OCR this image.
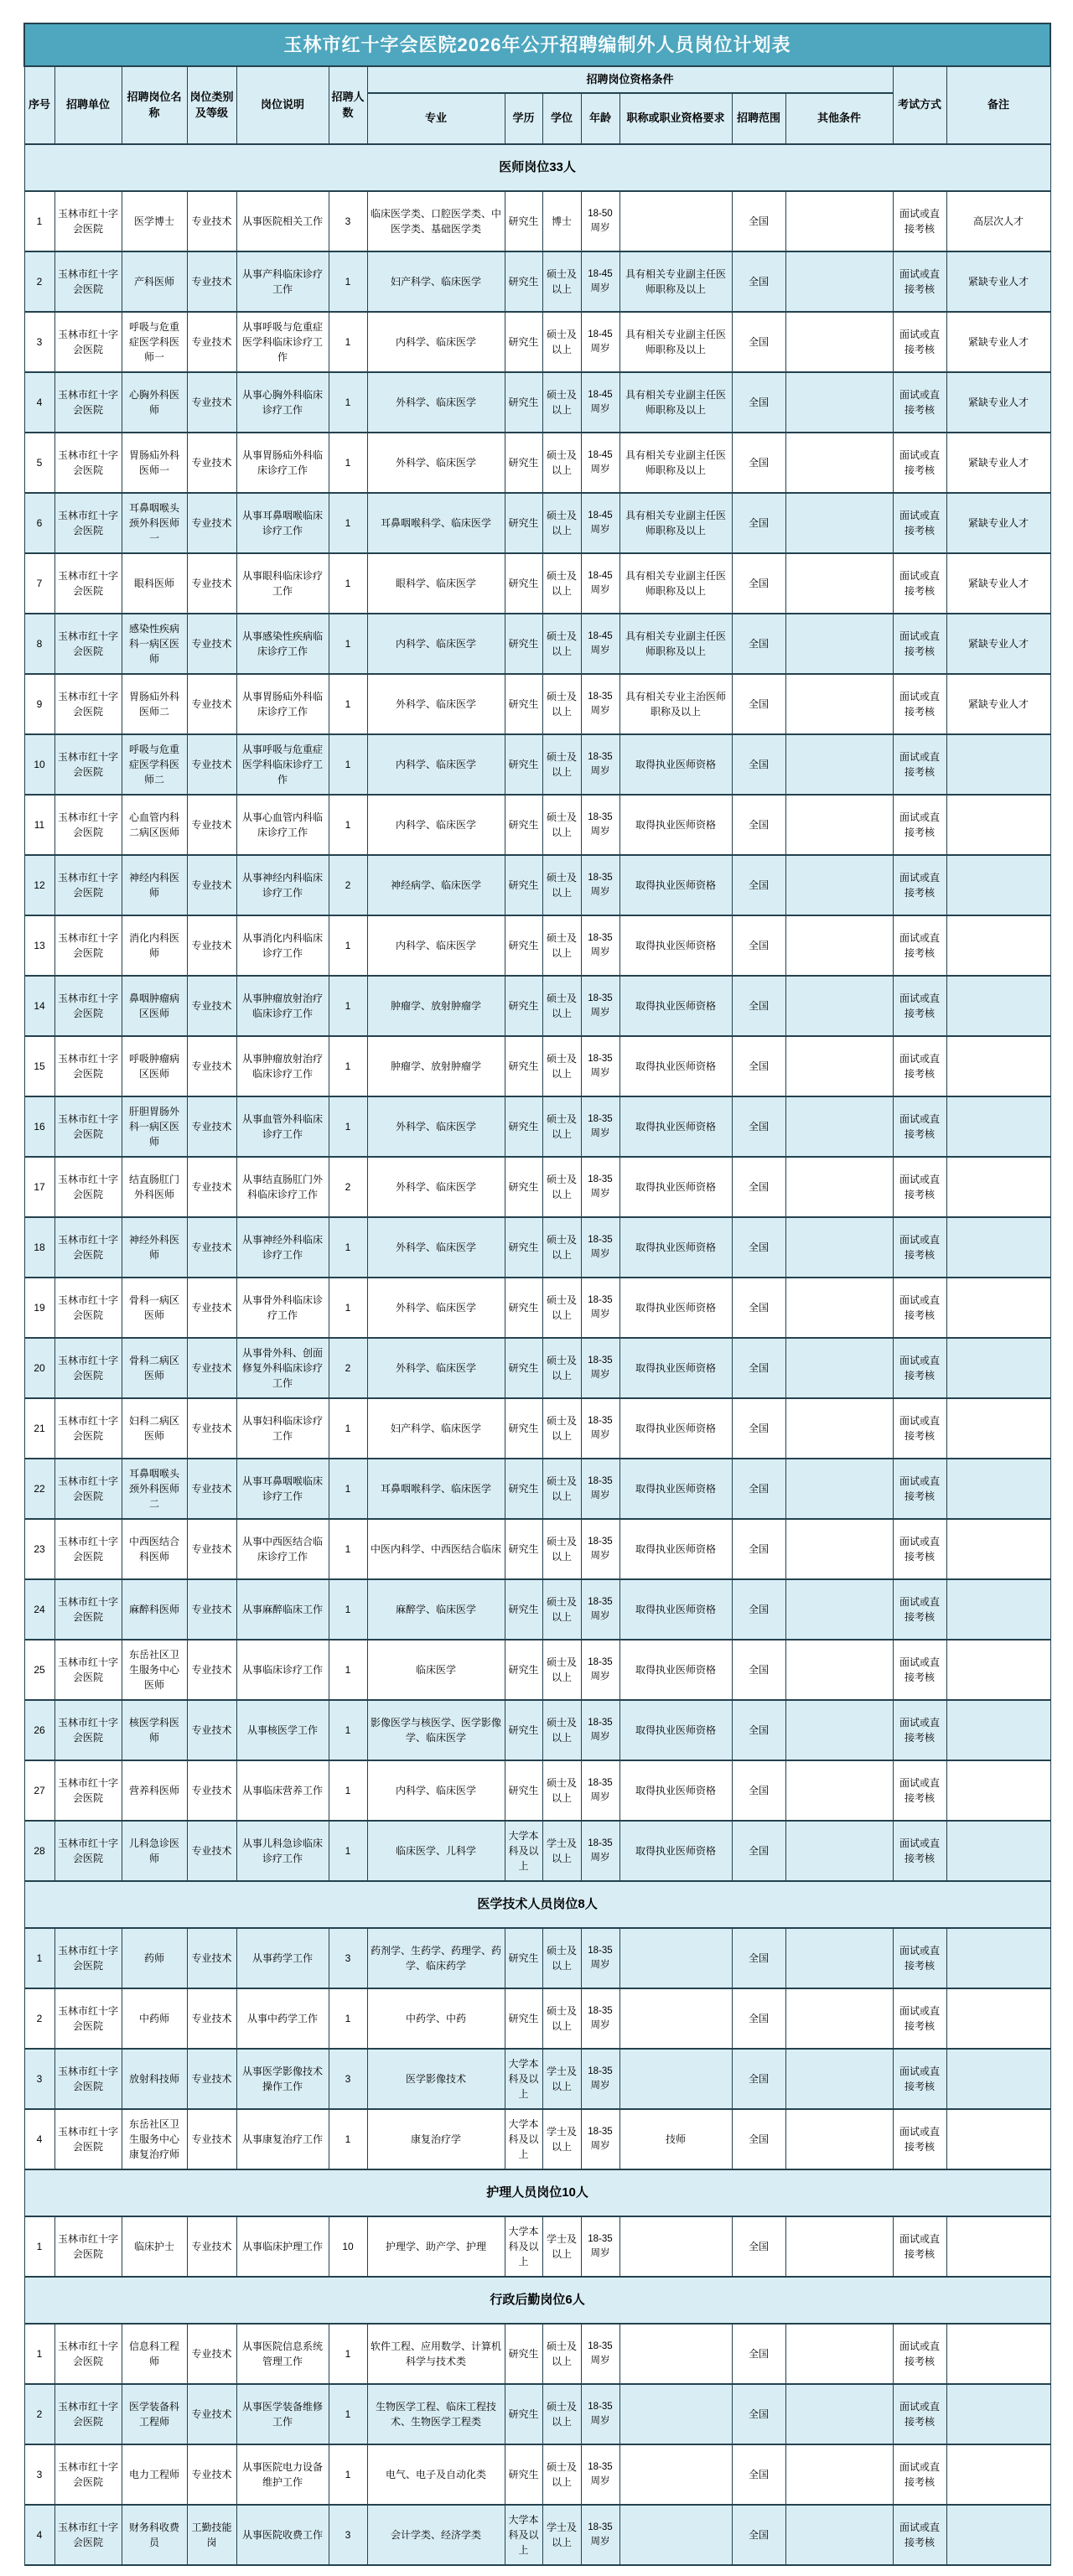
玉林市红十字会医院2026年公开招聘编制外人员岗位计划表														
序号	招聘单位	招聘岗位名称	岗位类别及等级	岗位说明	招聘人数	招聘岗位资格条件							考试方式	备注
						专业	学历	学位	年龄	职称或职业资格要求	招聘范围	其他条件		
医师岗位33人														
1	玉林市红十字会医院	医学博士	专业技术	从事医院相关工作	3	临床医学类、口腔医学类、中医学类、基础医学类	研究生	博士	18-50周岁		全国		面试或直接考核	高层次人才
2	玉林市红十字会医院	产科医师	专业技术	从事产科临床诊疗工作	1	妇产科学、临床医学	研究生	硕士及以上	18-45周岁	具有相关专业副主任医师职称及以上	全国		面试或直接考核	紧缺专业人才
3	玉林市红十字会医院	呼吸与危重症医学科医师一	专业技术	从事呼吸与危重症医学科临床诊疗工作	1	内科学、临床医学	研究生	硕士及以上	18-45周岁	具有相关专业副主任医师职称及以上	全国		面试或直接考核	紧缺专业人才
4	玉林市红十字会医院	心胸外科医师	专业技术	从事心胸外科临床诊疗工作	1	外科学、临床医学	研究生	硕士及以上	18-45周岁	具有相关专业副主任医师职称及以上	全国		面试或直接考核	紧缺专业人才
5	玉林市红十字会医院	胃肠疝外科医师一	专业技术	从事胃肠疝外科临床诊疗工作	1	外科学、临床医学	研究生	硕士及以上	18-45周岁	具有相关专业副主任医师职称及以上	全国		面试或直接考核	紧缺专业人才
6	玉林市红十字会医院	耳鼻咽喉头颈外科医师一	专业技术	从事耳鼻咽喉临床诊疗工作	1	耳鼻咽喉科学、临床医学	研究生	硕士及以上	18-45周岁	具有相关专业副主任医师职称及以上	全国		面试或直接考核	紧缺专业人才
7	玉林市红十字会医院	眼科医师	专业技术	从事眼科临床诊疗工作	1	眼科学、临床医学	研究生	硕士及以上	18-45周岁	具有相关专业副主任医师职称及以上	全国		面试或直接考核	紧缺专业人才
8	玉林市红十字会医院	感染性疾病科一病区医师	专业技术	从事感染性疾病临床诊疗工作	1	内科学、临床医学	研究生	硕士及以上	18-45周岁	具有相关专业副主任医师职称及以上	全国		面试或直接考核	紧缺专业人才
9	玉林市红十字会医院	胃肠疝外科医师二	专业技术	从事胃肠疝外科临床诊疗工作	1	外科学、临床医学	研究生	硕士及以上	18-35周岁	具有相关专业主治医师职称及以上	全国		面试或直接考核	紧缺专业人才
10	玉林市红十字会医院	呼吸与危重症医学科医师二	专业技术	从事呼吸与危重症医学科临床诊疗工作	1	内科学、临床医学	研究生	硕士及以上	18-35周岁	取得执业医师资格	全国		面试或直接考核	
11	玉林市红十字会医院	心血管内科二病区医师	专业技术	从事心血管内科临床诊疗工作	1	内科学、临床医学	研究生	硕士及以上	18-35周岁	取得执业医师资格	全国		面试或直接考核	
12	玉林市红十字会医院	神经内科医师	专业技术	从事神经内科临床诊疗工作	2	神经病学、临床医学	研究生	硕士及以上	18-35周岁	取得执业医师资格	全国		面试或直接考核	
13	玉林市红十字会医院	消化内科医师	专业技术	从事消化内科临床诊疗工作	1	内科学、临床医学	研究生	硕士及以上	18-35周岁	取得执业医师资格	全国		面试或直接考核	
14	玉林市红十字会医院	鼻咽肿瘤病区医师	专业技术	从事肿瘤放射治疗临床诊疗工作	1	肿瘤学、放射肿瘤学	研究生	硕士及以上	18-35周岁	取得执业医师资格	全国		面试或直接考核	
15	玉林市红十字会医院	呼吸肿瘤病区医师	专业技术	从事肿瘤放射治疗临床诊疗工作	1	肿瘤学、放射肿瘤学	研究生	硕士及以上	18-35周岁	取得执业医师资格	全国		面试或直接考核	
16	玉林市红十字会医院	肝胆胃肠外科一病区医师	专业技术	从事血管外科临床诊疗工作	1	外科学、临床医学	研究生	硕士及以上	18-35周岁	取得执业医师资格	全国		面试或直接考核	
17	玉林市红十字会医院	结直肠肛门外科医师	专业技术	从事结直肠肛门外科临床诊疗工作	2	外科学、临床医学	研究生	硕士及以上	18-35周岁	取得执业医师资格	全国		面试或直接考核	
18	玉林市红十字会医院	神经外科医师	专业技术	从事神经外科临床诊疗工作	1	外科学、临床医学	研究生	硕士及以上	18-35周岁	取得执业医师资格	全国		面试或直接考核	
19	玉林市红十字会医院	骨科一病区医师	专业技术	从事骨外科临床诊疗工作	1	外科学、临床医学	研究生	硕士及以上	18-35周岁	取得执业医师资格	全国		面试或直接考核	
20	玉林市红十字会医院	骨科二病区医师	专业技术	从事骨外科、创面修复外科临床诊疗工作	2	外科学、临床医学	研究生	硕士及以上	18-35周岁	取得执业医师资格	全国		面试或直接考核	
21	玉林市红十字会医院	妇科二病区医师	专业技术	从事妇科临床诊疗工作	1	妇产科学、临床医学	研究生	硕士及以上	18-35周岁	取得执业医师资格	全国		面试或直接考核	
22	玉林市红十字会医院	耳鼻咽喉头颈外科医师二	专业技术	从事耳鼻咽喉临床诊疗工作	1	耳鼻咽喉科学、临床医学	研究生	硕士及以上	18-35周岁	取得执业医师资格	全国		面试或直接考核	
23	玉林市红十字会医院	中西医结合科医师	专业技术	从事中西医结合临床诊疗工作	1	中医内科学、中西医结合临床	研究生	硕士及以上	18-35周岁	取得执业医师资格	全国		面试或直接考核	
24	玉林市红十字会医院	麻醉科医师	专业技术	从事麻醉临床工作	1	麻醉学、临床医学	研究生	硕士及以上	18-35周岁	取得执业医师资格	全国		面试或直接考核	
25	玉林市红十字会医院	东岳社区卫生服务中心医师	专业技术	从事临床诊疗工作	1	临床医学	研究生	硕士及以上	18-35周岁	取得执业医师资格	全国		面试或直接考核	
26	玉林市红十字会医院	核医学科医师	专业技术	从事核医学工作	1	影像医学与核医学、医学影像学、临床医学	研究生	硕士及以上	18-35周岁	取得执业医师资格	全国		面试或直接考核	
27	玉林市红十字会医院	营养科医师	专业技术	从事临床营养工作	1	内科学、临床医学	研究生	硕士及以上	18-35周岁	取得执业医师资格	全国		面试或直接考核	
28	玉林市红十字会医院	儿科急诊医师	专业技术	从事儿科急诊临床诊疗工作	1	临床医学、儿科学	大学本科及以上	学士及以上	18-35周岁	取得执业医师资格	全国		面试或直接考核	
医学技术人员岗位8人														
1	玉林市红十字会医院	药师	专业技术	从事药学工作	3	药剂学、生药学、药理学、药学、临床药学	研究生	硕士及以上	18-35周岁		全国		面试或直接考核	
2	玉林市红十字会医院	中药师	专业技术	从事中药学工作	1	中药学、中药	研究生	硕士及以上	18-35周岁		全国		面试或直接考核	
3	玉林市红十字会医院	放射科技师	专业技术	从事医学影像技术操作工作	3	医学影像技术	大学本科及以上	学士及以上	18-35周岁		全国		面试或直接考核	
4	玉林市红十字会医院	东岳社区卫生服务中心康复治疗师	专业技术	从事康复治疗工作	1	康复治疗学	大学本科及以上	学士及以上	18-35周岁	技师	全国		面试或直接考核	
护理人员岗位10人														
1	玉林市红十字会医院	临床护士	专业技术	从事临床护理工作	10	护理学、助产学、护理	大学本科及以上	学士及以上	18-35周岁		全国		面试或直接考核	
行政后勤岗位6人														
1	玉林市红十字会医院	信息科工程师	专业技术	从事医院信息系统管理工作	1	软件工程、应用数学、计算机科学与技术类	研究生	硕士及以上	18-35周岁		全国		面试或直接考核	
2	玉林市红十字会医院	医学装备科工程师	专业技术	从事医学装备维修工作	1	生物医学工程、临床工程技术、生物医学工程类	研究生	硕士及以上	18-35周岁		全国		面试或直接考核	
3	玉林市红十字会医院	电力工程师	专业技术	从事医院电力设备维护工作	1	电气、电子及自动化类	研究生	硕士及以上	18-35周岁		全国		面试或直接考核	
4	玉林市红十字会医院	财务科收费员	工勤技能岗	从事医院收费工作	3	会计学类、经济学类	大学本科及以上	学士及以上	18-35周岁		全国		面试或直接考核	
